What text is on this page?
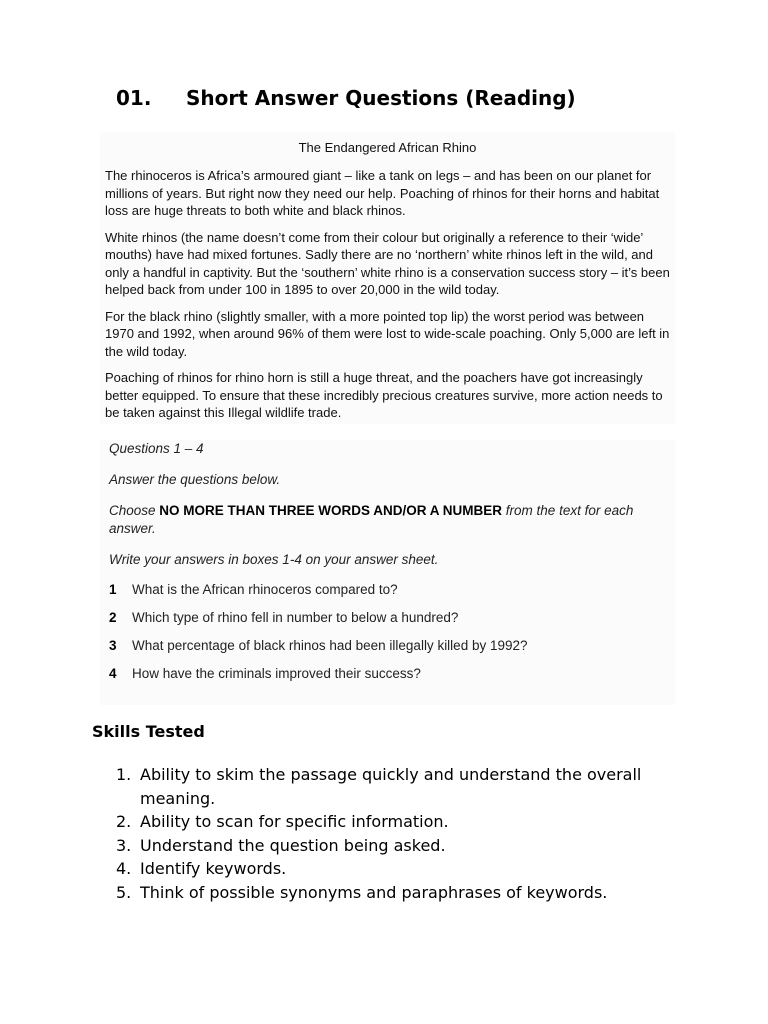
01. Short Answer Questions (Reading)
The Endangered African Rhino

The rhinoceros is Africa’s armoured giant – like a tank on legs – and has been on our planet for millions of years. But right now they need our help. Poaching of rhinos for their horns and habitat loss are huge threats to both white and black rhinos.

White rhinos (the name doesn’t come from their colour but originally a reference to their ‘wide’ mouths) have had mixed fortunes. Sadly there are no ‘northern’ white rhinos left in the wild, and only a handful in captivity. But the ‘southern’ white rhino is a conservation success story – it’s been helped back from under 100 in 1895 to over 20,000 in the wild today.

For the black rhino (slightly smaller, with a more pointed top lip) the worst period was between 1970 and 1992, when around 96% of them were lost to wide-scale poaching. Only 5,000 are left in the wild today.

Poaching of rhinos for rhino horn is still a huge threat, and the poachers have got increasingly better equipped. To ensure that these incredibly precious creatures survive, more action needs to be taken against this Illegal wildlife trade.

Questions 1 – 4
Answer the questions below.
Choose NO MORE THAN THREE WORDS AND/OR A NUMBER from the text for each answer.
Write your answers in boxes 1-4 on your answer sheet.
1 What is the African rhinoceros compared to?
2 Which type of rhino fell in number to below a hundred?
3 What percentage of black rhinos had been illegally killed by 1992?
4 How have the criminals improved their success?
Skills Tested
1. Ability to skim the passage quickly and understand the overall meaning.
2. Ability to scan for specific information.
3. Understand the question being asked.
4. Identify keywords.
5. Think of possible synonyms and paraphrases of keywords.
